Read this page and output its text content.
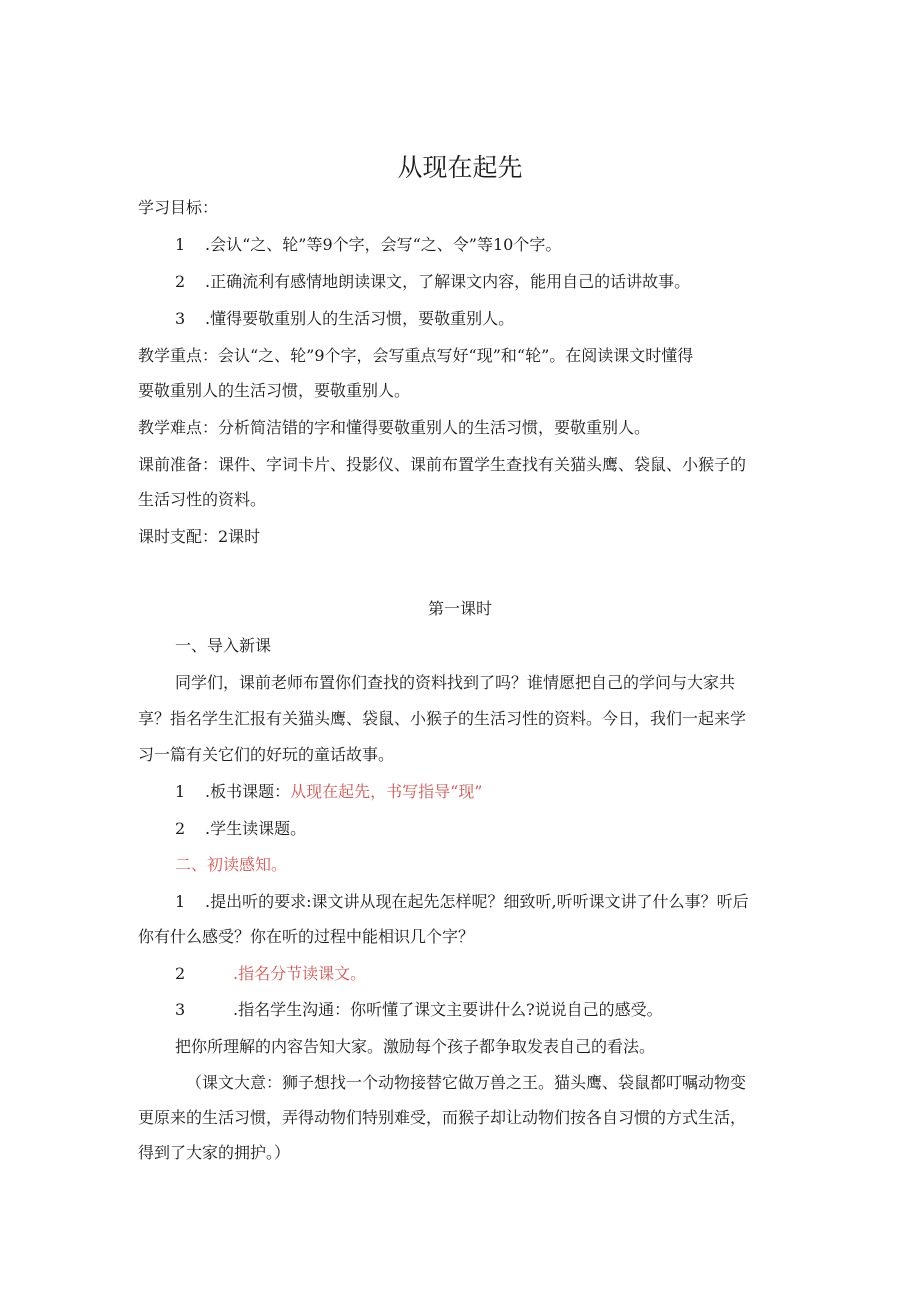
从现在起先
学习目标：
1 .会认“之、轮”等9个字，会写“之、令”等10个字。
2 .正确流利有感情地朗读课文，了解课文内容，能用自己的话讲故事。
3 .懂得要敬重别人的生活习惯，要敬重别人。
教学重点：会认“之、轮”9个字，会写重点写好“现”和“轮”。在阅读课文时懂得
要敬重别人的生活习惯，要敬重别人。
教学难点：分析简洁错的字和懂得要敬重别人的生活习惯，要敬重别人。
课前准备：课件、字词卡片、投影仪、课前布置学生查找有关猫头鹰、袋鼠、小猴子的
生活习性的资料。
课时支配：2课时
第一课时
一、导入新课
同学们，课前老师布置你们查找的资料找到了吗？谁情愿把自己的学问与大家共
享？指名学生汇报有关猫头鹰、袋鼠、小猴子的生活习性的资料。今日，我们一起来学
习一篇有关它们的好玩的童话故事。
1 .板书课题：从现在起先，书写指导“现”
2 .学生读课题。
二、初读感知。
1 .提出听的要求:课文讲从现在起先怎样呢？细致听,听听课文讲了什么事？听后
你有什么感受？你在听的过程中能相识几个字？
2	.指名分节读课文。
3	.指名学生沟通：你听懂了课文主要讲什么?说说自己的感受。
把你所理解的内容告知大家。激励每个孩子都争取发表自己的看法。
（课文大意：狮子想找一个动物接替它做万兽之王。猫头鹰、袋鼠都叮嘱动物变
更原来的生活习惯，弄得动物们特别难受，而猴子却让动物们按各自习惯的方式生活，
得到了大家的拥护。）
